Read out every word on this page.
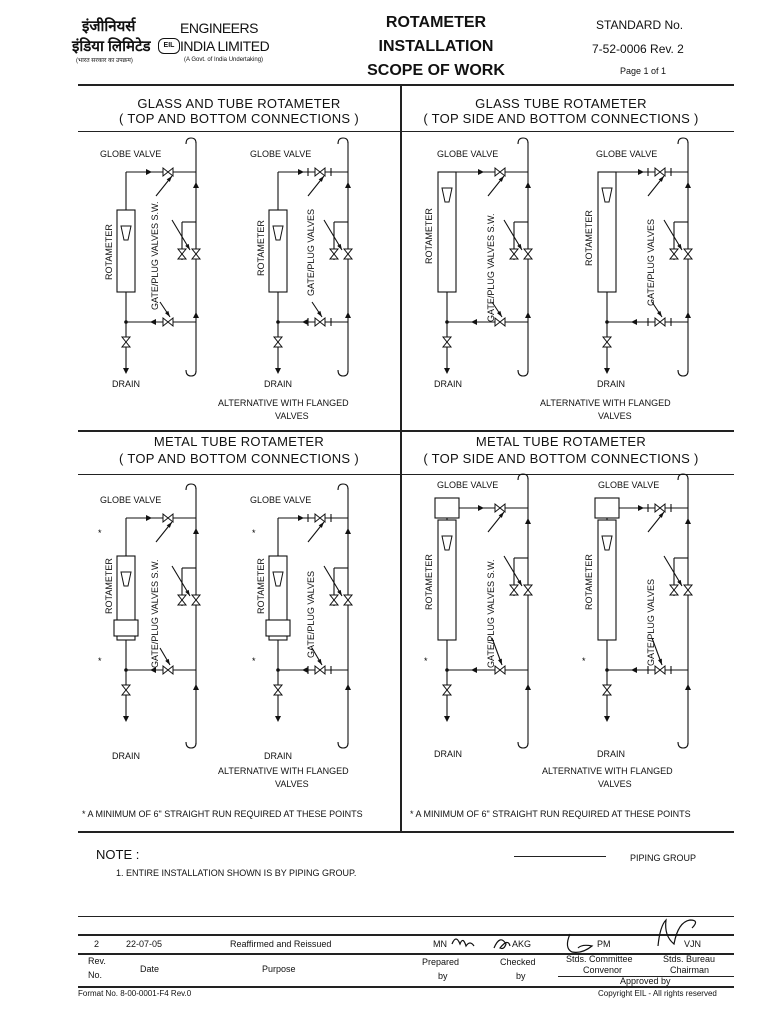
इंजीनियर्स
इंडिया लिमिटेड
(भारत सरकार का उपक्रम)
ENGINEERS
INDIA LIMITED
(A Govt. of India Undertaking)
EIL
ROTAMETER
INSTALLATION
SCOPE OF WORK
STANDARD No.
7-52-0006 Rev. 2
Page 1 of 1
GLASS AND TUBE ROTAMETER
( TOP AND BOTTOM CONNECTIONS )
GLASS TUBE ROTAMETER
( TOP SIDE AND BOTTOM CONNECTIONS )
METAL TUBE ROTAMETER
( TOP AND BOTTOM CONNECTIONS )
METAL TUBE ROTAMETER
( TOP SIDE AND BOTTOM CONNECTIONS )
*	*
*	*	*	*
GLOBE VALVE	GLOBE VALVE
DRAIN	DRAIN
ALTERNATIVE WITH FLANGED
VALVES
GLOBE VALVE	GLOBE VALVE
DRAIN	DRAIN
ALTERNATIVE WITH FLANGED
VALVES
GLOBE VALVE	GLOBE VALVE
DRAIN	DRAIN
ALTERNATIVE WITH FLANGED
VALVES
* A MINIMUM OF 6" STRAIGHT RUN REQUIRED AT THESE POINTS
GLOBE VALVE	GLOBE VALVE
DRAIN	DRAIN
ALTERNATIVE WITH FLANGED
VALVES
* A MINIMUM OF 6" STRAIGHT RUN REQUIRED AT THESE POINTS
ROTAMETER	ROTAMETER	ROTAMETER	ROTAMETER
ROTAMETER	ROTAMETER	ROTAMETER	ROTAMETER
GATE/PLUG VALVES S.W.	GATE/PLUG VALVES	GATE/PLUG VALVES S.W.	GATE/PLUG VALVES
GATE/PLUG VALVES S.W.	GATE/PLUG VALVES	GATE/PLUG VALVES S.W.	GATE/PLUG VALVES
NOTE :
1. ENTIRE INSTALLATION SHOWN IS BY PIPING GROUP.
PIPING GROUP
2	22-07-05	Reaffirmed and Reissued	MN	AKG	PM	VJN
Rev.
No.
Date	Purpose
Prepared
by
Checked
by
Stds. Committee
Convenor
Stds. Bureau
Chairman
Approved by
Format No. 8-00-0001-F4 Rev.0	Copyright EIL - All rights reserved
